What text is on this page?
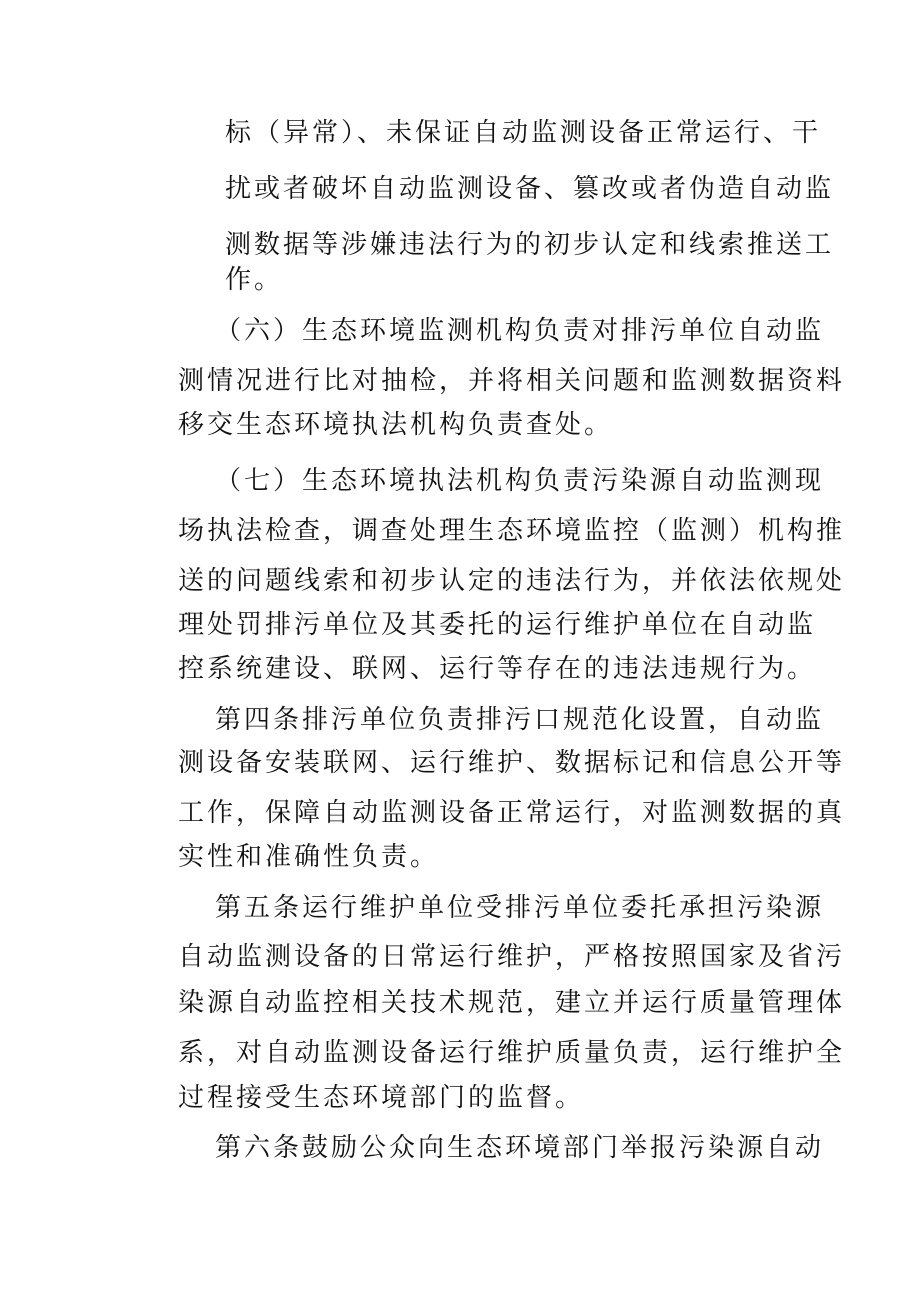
标（异常）、未保证自动监测设备正常运行、干
扰或者破坏自动监测设备、篡改或者伪造自动监
测数据等涉嫌违法行为的初步认定和线索推送工
作。
（六）生态环境监测机构负责对排污单位自动监
测情况进行比对抽检，并将相关问题和监测数据资料
移交生态环境执法机构负责查处。
（七）生态环境执法机构负责污染源自动监测现
场执法检查，调查处理生态环境监控（监测）机构推
送的问题线索和初步认定的违法行为，并依法依规处
理处罚排污单位及其委托的运行维护单位在自动监
控系统建设、联网、运行等存在的违法违规行为。
第四条排污单位负责排污口规范化设置，自动监
测设备安装联网、运行维护、数据标记和信息公开等
工作，保障自动监测设备正常运行，对监测数据的真
实性和准确性负责。
第五条运行维护单位受排污单位委托承担污染源
自动监测设备的日常运行维护，严格按照国家及省污
染源自动监控相关技术规范，建立并运行质量管理体
系，对自动监测设备运行维护质量负责，运行维护全
过程接受生态环境部门的监督。
第六条鼓励公众向生态环境部门举报污染源自动
